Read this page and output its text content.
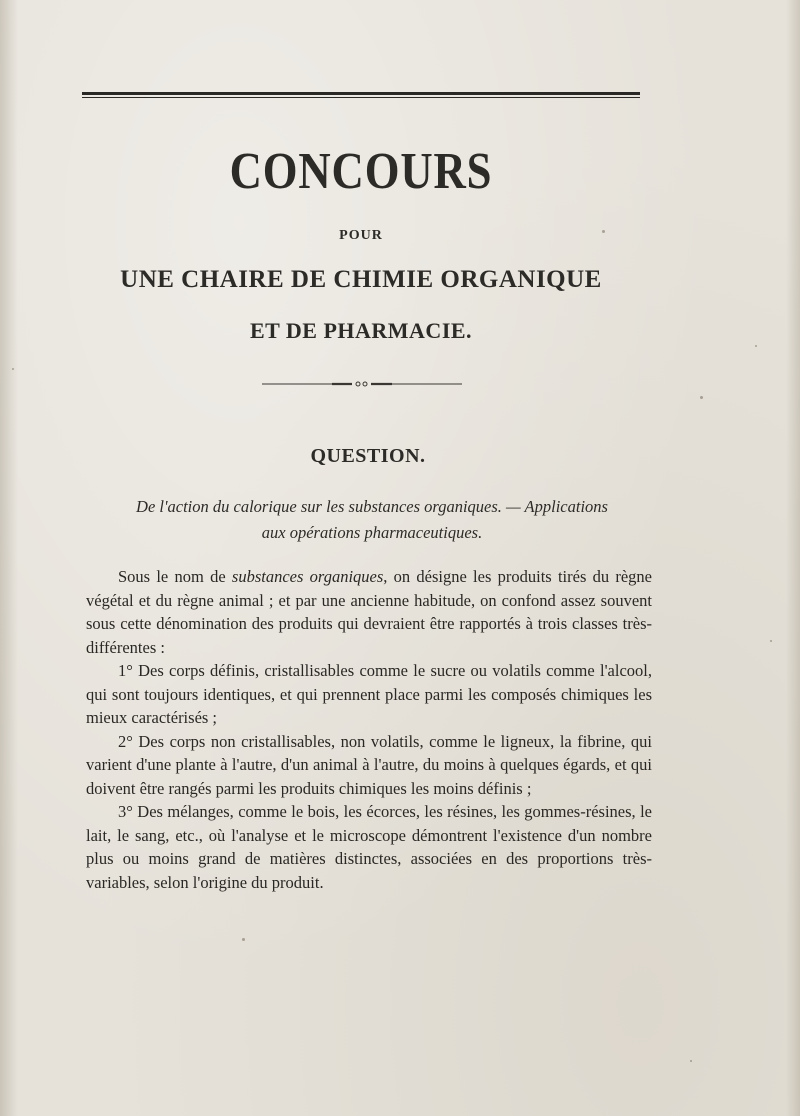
CONCOURS
POUR
UNE CHAIRE DE CHIMIE ORGANIQUE
ET DE PHARMACIE.
QUESTION.
De l'action du calorique sur les substances organiques. — Applications
aux opérations pharmaceutiques.

Sous le nom de substances organiques, on désigne les produits tirés du règne végétal et du règne animal ; et par une ancienne habitude, on confond assez souvent sous cette dénomination des produits qui devraient être rapportés à trois classes très-différentes :

1° Des corps définis, cristallisables comme le sucre ou volatils comme l'alcool, qui sont toujours identiques, et qui prennent place parmi les composés chimiques les mieux caractérisés ;

2° Des corps non cristallisables, non volatils, comme le ligneux, la fibrine, qui varient d'une plante à l'autre, d'un animal à l'autre, du moins à quelques égards, et qui doivent être rangés parmi les produits chimiques les moins définis ;

3° Des mélanges, comme le bois, les écorces, les résines, les gommes-résines, le lait, le sang, etc., où l'analyse et le microscope démontrent l'existence d'un nombre plus ou moins grand de matières distinctes, associées en des proportions très-variables, selon l'origine du produit.
